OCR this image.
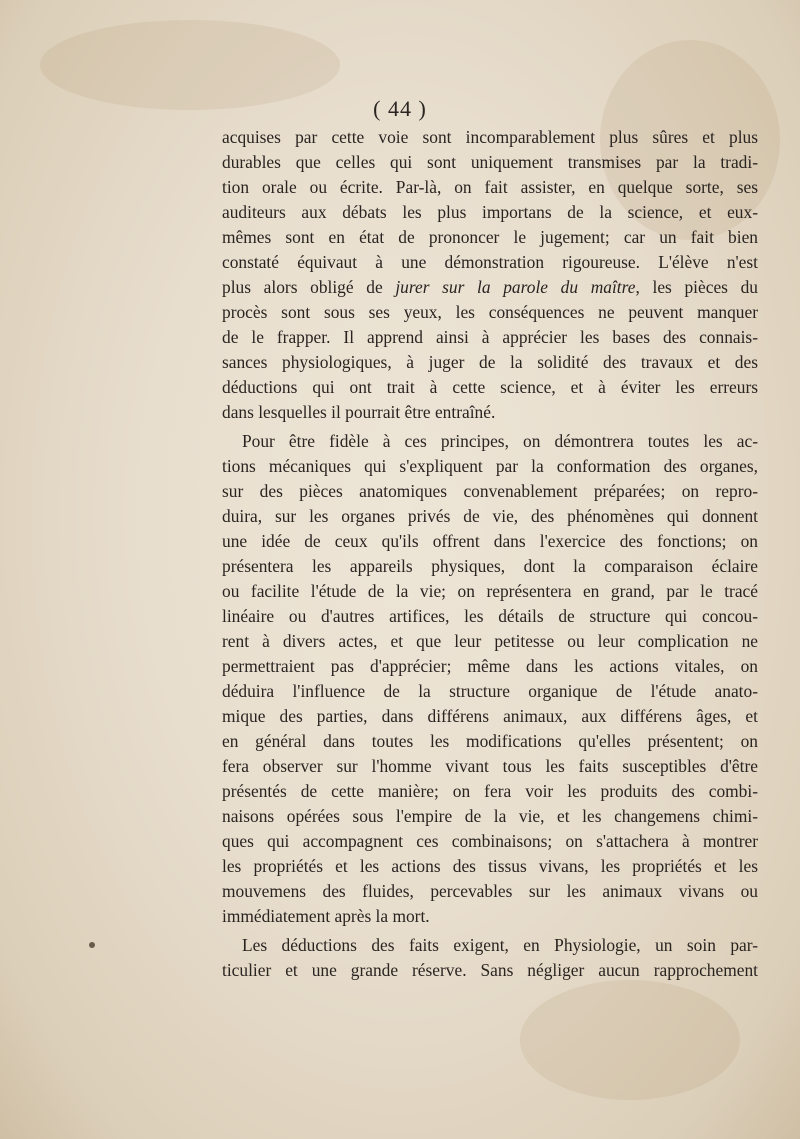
( 44 )
acquises par cette voie sont incomparablement plus sûres et plus
durables que celles qui sont uniquement transmises par la tradi-
tion orale ou écrite. Par-là, on fait assister, en quelque sorte, ses
auditeurs aux débats les plus importans de la science, et eux-
mêmes sont en état de prononcer le jugement; car un fait bien
constaté équivaut à une démonstration rigoureuse. L'élève n'est
plus alors obligé de jurer sur la parole du maître, les pièces du
procès sont sous ses yeux, les conséquences ne peuvent manquer
de le frapper. Il apprend ainsi à apprécier les bases des connais-
sances physiologiques, à juger de la solidité des travaux et des
déductions qui ont trait à cette science, et à éviter les erreurs
dans lesquelles il pourrait être entraîné.
Pour être fidèle à ces principes, on démontrera toutes les ac-
tions mécaniques qui s'expliquent par la conformation des organes,
sur des pièces anatomiques convenablement préparées; on repro-
duira, sur les organes privés de vie, des phénomènes qui donnent
une idée de ceux qu'ils offrent dans l'exercice des fonctions; on
présentera les appareils physiques, dont la comparaison éclaire
ou facilite l'étude de la vie; on représentera en grand, par le tracé
linéaire ou d'autres artifices, les détails de structure qui concou-
rent à divers actes, et que leur petitesse ou leur complication ne
permettraient pas d'apprécier; même dans les actions vitales, on
déduira l'influence de la structure organique de l'étude anato-
mique des parties, dans différens animaux, aux différens âges, et
en général dans toutes les modifications qu'elles présentent; on
fera observer sur l'homme vivant tous les faits susceptibles d'être
présentés de cette manière; on fera voir les produits des combi-
naisons opérées sous l'empire de la vie, et les changemens chimi-
ques qui accompagnent ces combinaisons; on s'attachera à montrer
les propriétés et les actions des tissus vivans, les propriétés et les
mouvemens des fluides, percevables sur les animaux vivans ou
immédiatement après la mort.
Les déductions des faits exigent, en Physiologie, un soin par-
ticulier et une grande réserve. Sans négliger aucun rapprochement
